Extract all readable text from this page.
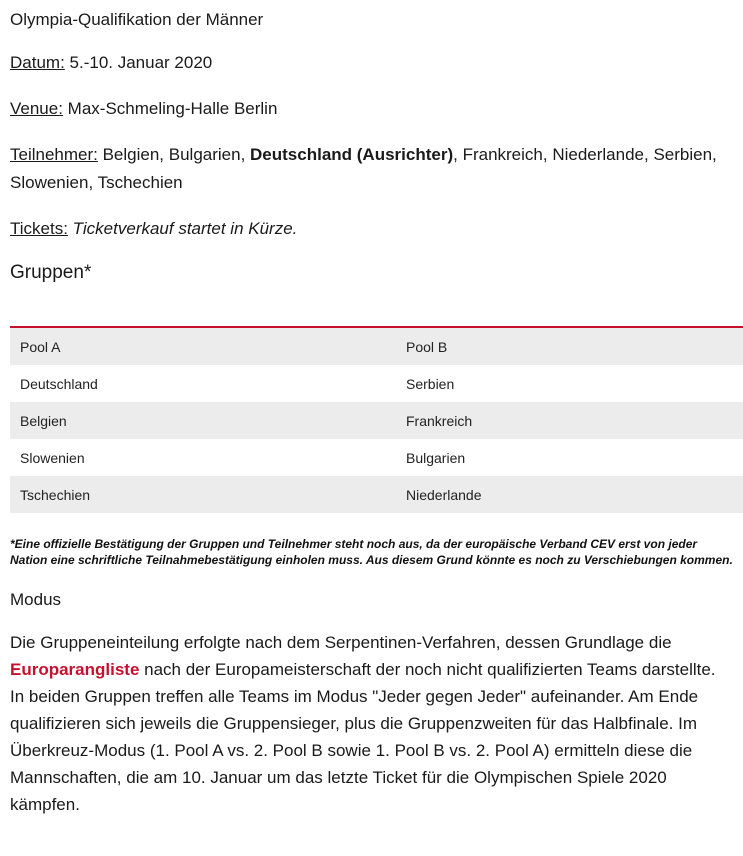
Olympia-Qualifikation der Männer

Datum: 5.-10. Januar 2020

Venue: Max-Schmeling-Halle Berlin

Teilnehmer: Belgien, Bulgarien, Deutschland (Ausrichter), Frankreich, Niederlande, Serbien, Slowenien, Tschechien

Tickets: Ticketverkauf startet in Kürze.

Gruppen*
Pool A	Pool B
Deutschland	Serbien
Belgien	Frankreich
Slowenien	Bulgarien
Tschechien	Niederlande

*Eine offizielle Bestätigung der Gruppen und Teilnehmer steht noch aus, da der europäische Verband CEV erst von jeder Nation eine schriftliche Teilnahmebestätigung einholen muss. Aus diesem Grund könnte es noch zu Verschiebungen kommen.

Modus

Die Gruppeneinteilung erfolgte nach dem Serpentinen-Verfahren, dessen Grundlage die Europarangliste nach der Europameisterschaft der noch nicht qualifizierten Teams darstellte. In beiden Gruppen treffen alle Teams im Modus "Jeder gegen Jeder" aufeinander. Am Ende qualifizieren sich jeweils die Gruppensieger, plus die Gruppenzweiten für das Halbfinale. Im Überkreuz-Modus (1. Pool A vs. 2. Pool B sowie 1. Pool B vs. 2. Pool A) ermitteln diese die Mannschaften, die am 10. Januar um das letzte Ticket für die Olympischen Spiele 2020 kämpfen.
